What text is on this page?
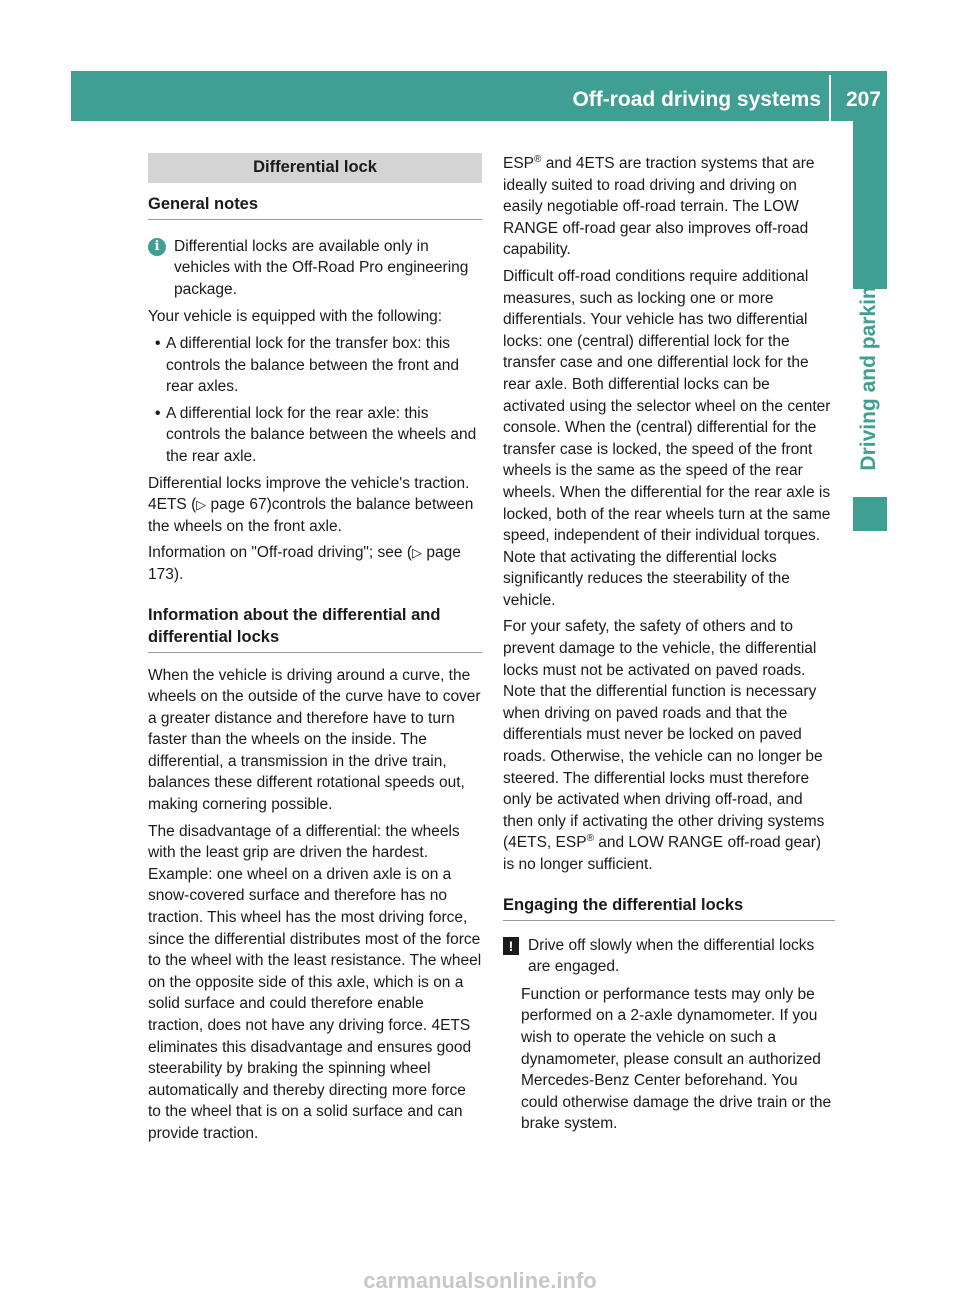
Off-road driving systems 207
Driving and parking
Differential lock
General notes
i Differential locks are available only in vehicles with the Off-Road Pro engineering package.

Your vehicle is equipped with the following:

• A differential lock for the transfer box: this controls the balance between the front and rear axles.
• A differential lock for the rear axle: this controls the balance between the wheels and the rear axle.

Differential locks improve the vehicle's traction. 4ETS (▷ page 67)controls the balance between the wheels on the front axle.

Information on "Off-road driving"; see (▷ page 173).

Information about the differential and differential locks

When the vehicle is driving around a curve, the wheels on the outside of the curve have to cover a greater distance and therefore have to turn faster than the wheels on the inside. The differential, a transmission in the drive train, balances these different rotational speeds out, making cornering possible.

The disadvantage of a differential: the wheels with the least grip are driven the hardest. Example: one wheel on a driven axle is on a snow-covered surface and therefore has no traction. This wheel has the most driving force, since the differential distributes most of the force to the wheel with the least resistance. The wheel on the opposite side of this axle, which is on a solid surface and could therefore enable traction, does not have any driving force. 4ETS eliminates this disadvantage and ensures good steerability by braking the spinning wheel automatically and thereby directing more force to the wheel that is on a solid surface and can provide traction.

ESP® and 4ETS are traction systems that are ideally suited to road driving and driving on easily negotiable off-road terrain. The LOW RANGE off-road gear also improves off-road capability.

Difficult off-road conditions require additional measures, such as locking one or more differentials. Your vehicle has two differential locks: one (central) differential lock for the transfer case and one differential lock for the rear axle. Both differential locks can be activated using the selector wheel on the center console. When the (central) differential for the transfer case is locked, the speed of the front wheels is the same as the speed of the rear wheels. When the differential for the rear axle is locked, both of the rear wheels turn at the same speed, independent of their individual torques. Note that activating the differential locks significantly reduces the steerability of the vehicle.

For your safety, the safety of others and to prevent damage to the vehicle, the differential locks must not be activated on paved roads. Note that the differential function is necessary when driving on paved roads and that the differentials must never be locked on paved roads. Otherwise, the vehicle can no longer be steered. The differential locks must therefore only be activated when driving off-road, and then only if activating the other driving systems (4ETS, ESP® and LOW RANGE off-road gear) is no longer sufficient.

Engaging the differential locks
! Drive off slowly when the differential locks are engaged.

Function or performance tests may only be performed on a 2-axle dynamometer. If you wish to operate the vehicle on such a dynamometer, please consult an authorized Mercedes-Benz Center beforehand. You could otherwise damage the drive train or the brake system.

carmanualsonline.info
